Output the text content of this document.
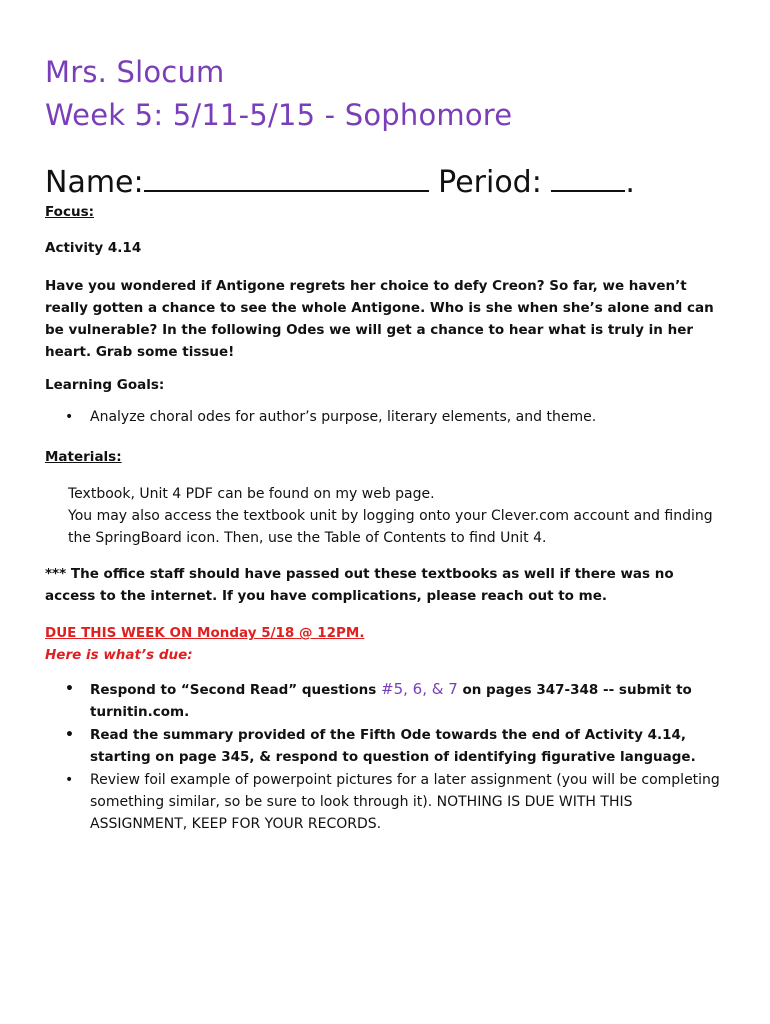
Mrs. Slocum
Week 5: 5/11-5/15 - Sophomore
Name:	Period:	.
Focus:
Activity 4.14
Have you wondered if Antigone regrets her choice to defy Creon? So far, we haven’t really gotten a chance to see the whole Antigone. Who is she when she’s alone and can be vulnerable? In the following Odes we will get a chance to hear what is truly in her heart. Grab some tissue!
Learning Goals:
• Analyze choral odes for author’s purpose, literary elements, and theme.
Materials:
Textbook, Unit 4 PDF can be found on my web page.
You may also access the textbook unit by logging onto your Clever.com account and finding the SpringBoard icon. Then, use the Table of Contents to find Unit 4.
*** The office staff should have passed out these textbooks as well if there was no access to the internet. If you have complications, please reach out to me.
DUE THIS WEEK ON Monday 5/18 @ 12PM.
Here is what’s due:
• Respond to “Second Read” questions #5, 6, & 7 on pages 347-348 -- submit to turnitin.com.
• Read the summary provided of the Fifth Ode towards the end of Activity 4.14, starting on page 345, & respond to question of identifying figurative language.
• Review foil example of powerpoint pictures for a later assignment (you will be completing something similar, so be sure to look through it). NOTHING IS DUE WITH THIS ASSIGNMENT, KEEP FOR YOUR RECORDS.
